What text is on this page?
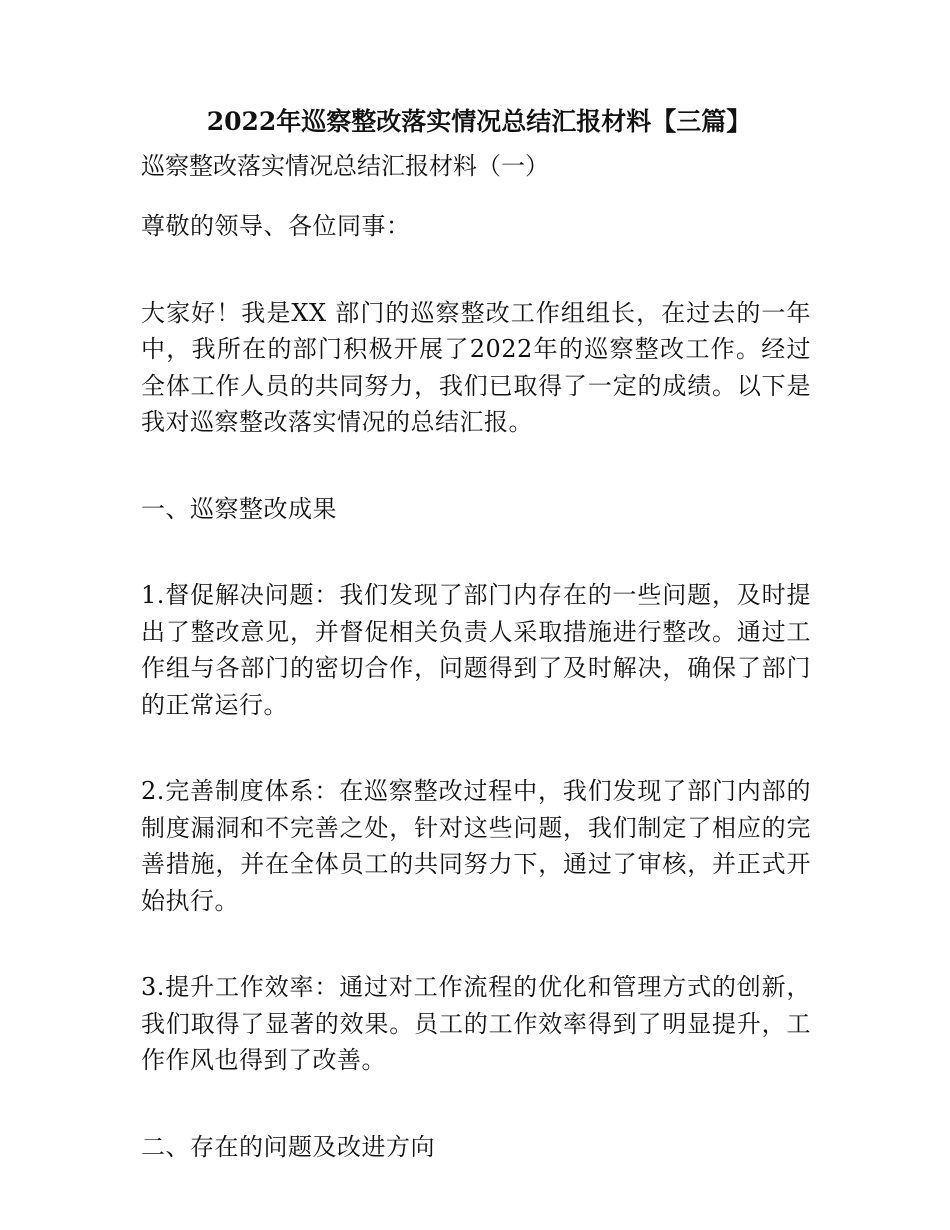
2022年巡察整改落实情况总结汇报材料【三篇】

巡察整改落实情况总结汇报材料（一）

尊敬的领导、各位同事：

大家好！我是XX 部门的巡察整改工作组组长，在过去的一年中，我所在的部门积极开展了2022年的巡察整改工作。经过全体工作人员的共同努力，我们已取得了一定的成绩。以下是我对巡察整改落实情况的总结汇报。

一、巡察整改成果

1.督促解决问题：我们发现了部门内存在的一些问题，及时提出了整改意见，并督促相关负责人采取措施进行整改。通过工作组与各部门的密切合作，问题得到了及时解决，确保了部门的正常运行。

2.完善制度体系：在巡察整改过程中，我们发现了部门内部的制度漏洞和不完善之处，针对这些问题，我们制定了相应的完善措施，并在全体员工的共同努力下，通过了审核，并正式开始执行。

3.提升工作效率：通过对工作流程的优化和管理方式的创新，我们取得了显著的效果。员工的工作效率得到了明显提升，工作作风也得到了改善。

二、存在的问题及改进方向
